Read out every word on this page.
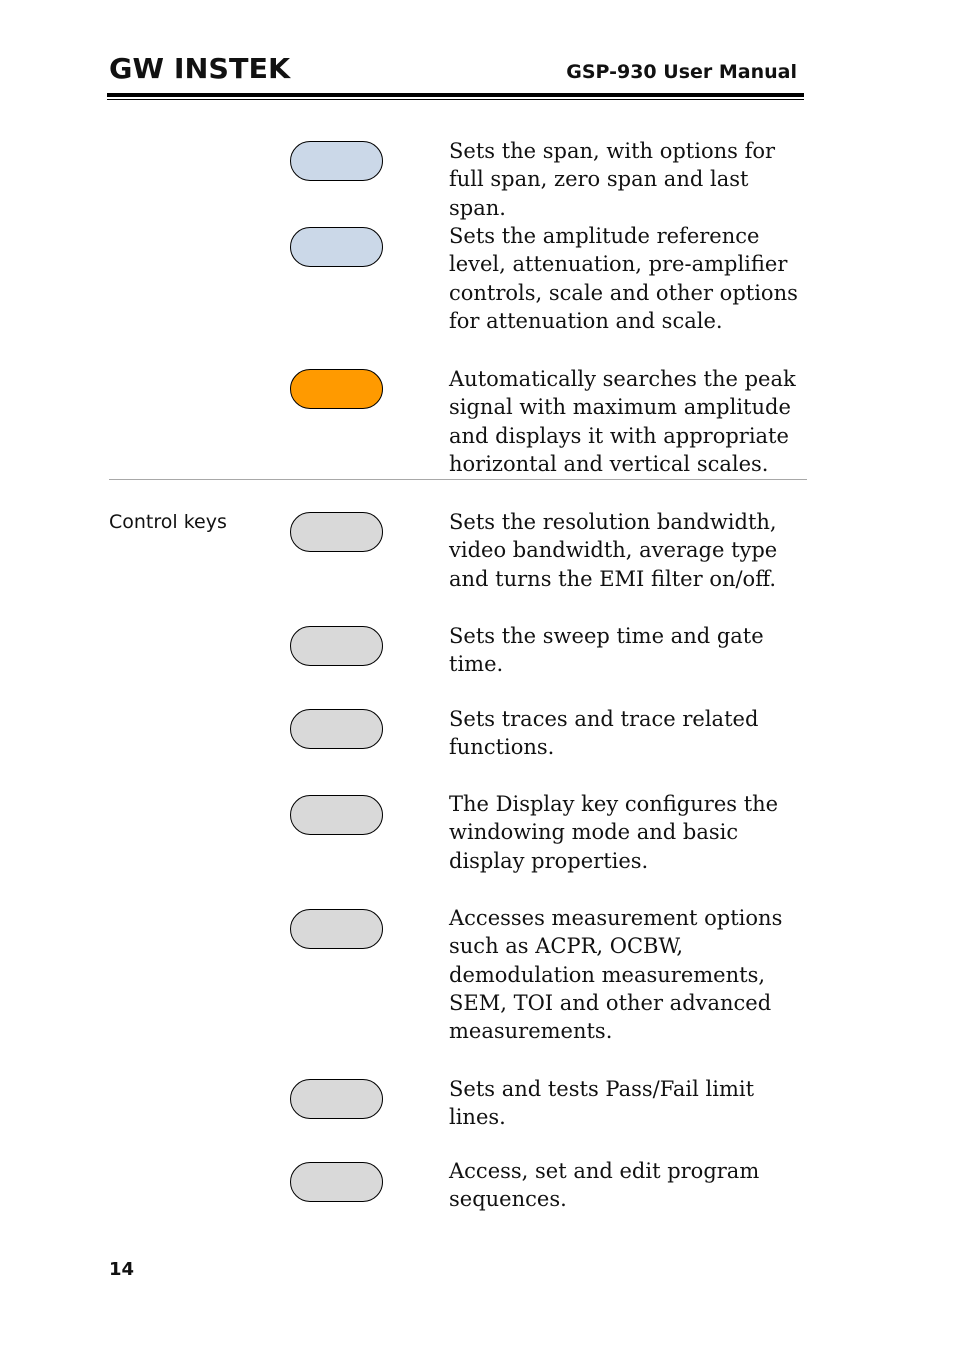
GW INSTEK	GSP-930 User Manual

Sets the span, with options for full span, zero span and last span.

Sets the amplitude reference level, attenuation, pre-amplifier controls, scale and other options for attenuation and scale.

Automatically searches the peak signal with maximum amplitude and displays it with appropriate horizontal and vertical scales.

Control keys	Sets the resolution bandwidth, video bandwidth, average type and turns the EMI filter on/off.

Sets the sweep time and gate time.

Sets traces and trace related functions.

The Display key configures the windowing mode and basic display properties.

Accesses measurement options such as ACPR, OCBW, demodulation measurements, SEM, TOI and other advanced measurements.

Sets and tests Pass/Fail limit lines.

Access, set and edit program sequences.

14
